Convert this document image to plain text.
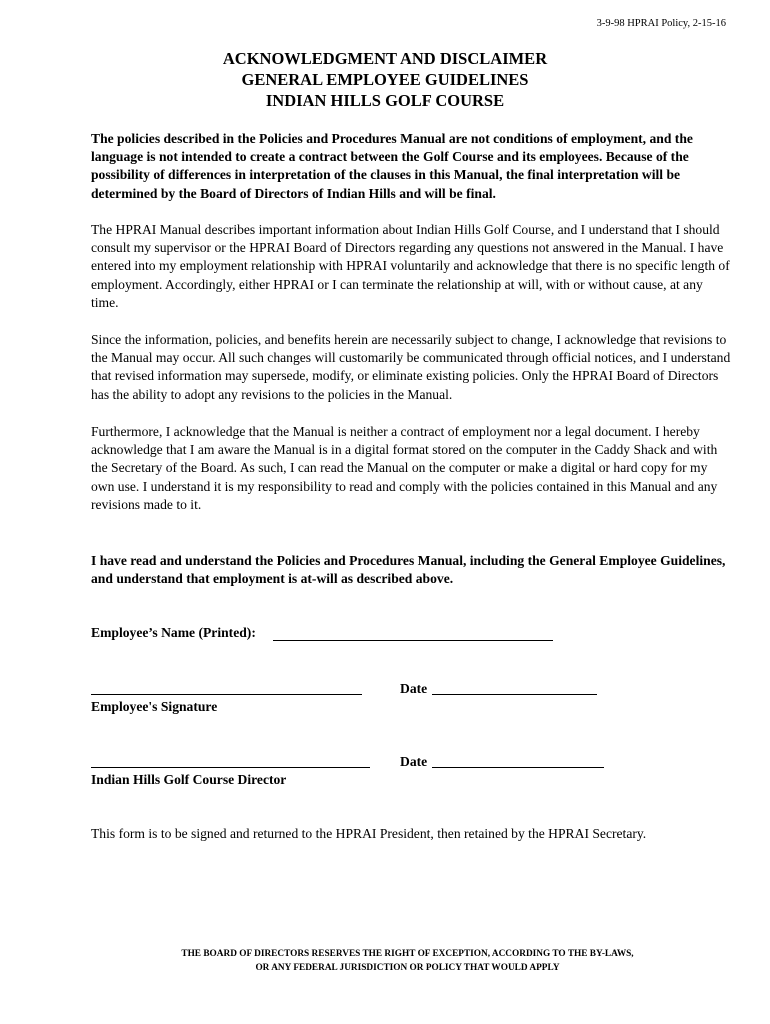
3-9-98 HPRAI Policy, 2-15-16
ACKNOWLEDGMENT AND DISCLAIMER
GENERAL EMPLOYEE GUIDELINES
INDIAN HILLS GOLF COURSE

The policies described in the Policies and Procedures Manual are not conditions of employment, and the language is not intended to create a contract between the Golf Course and its employees. Because of the possibility of differences in interpretation of the clauses in this Manual, the final interpretation will be determined by the Board of Directors of Indian Hills and will be final.

The HPRAI Manual describes important information about Indian Hills Golf Course, and I understand that I should consult my supervisor or the HPRAI Board of Directors regarding any questions not answered in the Manual. I have entered into my employment relationship with HPRAI voluntarily and acknowledge that there is no specific length of employment. Accordingly, either HPRAI or I can terminate the relationship at will, with or without cause, at any time.

Since the information, policies, and benefits herein are necessarily subject to change, I acknowledge that revisions to the Manual may occur. All such changes will customarily be communicated through official notices, and I understand that revised information may supersede, modify, or eliminate existing policies. Only the HPRAI Board of Directors has the ability to adopt any revisions to the policies in the Manual.

Furthermore, I acknowledge that the Manual is neither a contract of employment nor a legal document. I hereby acknowledge that I am aware the Manual is in a digital format stored on the computer in the Caddy Shack and with the Secretary of the Board. As such, I can read the Manual on the computer or make a digital or hard copy for my own use. I understand it is my responsibility to read and comply with the policies contained in this Manual and any revisions made to it.

I have read and understand the Policies and Procedures Manual, including the General Employee Guidelines, and understand that employment is at-will as described above.

Employee’s Name (Printed):
Date
Employee's Signature
Date
Indian Hills Golf Course Director
This form is to be signed and returned to the HPRAI President, then retained by the HPRAI Secretary.
THE BOARD OF DIRECTORS RESERVES THE RIGHT OF EXCEPTION, ACCORDING TO THE BY-LAWS,
OR ANY FEDERAL JURISDICTION OR POLICY THAT WOULD APPLY
